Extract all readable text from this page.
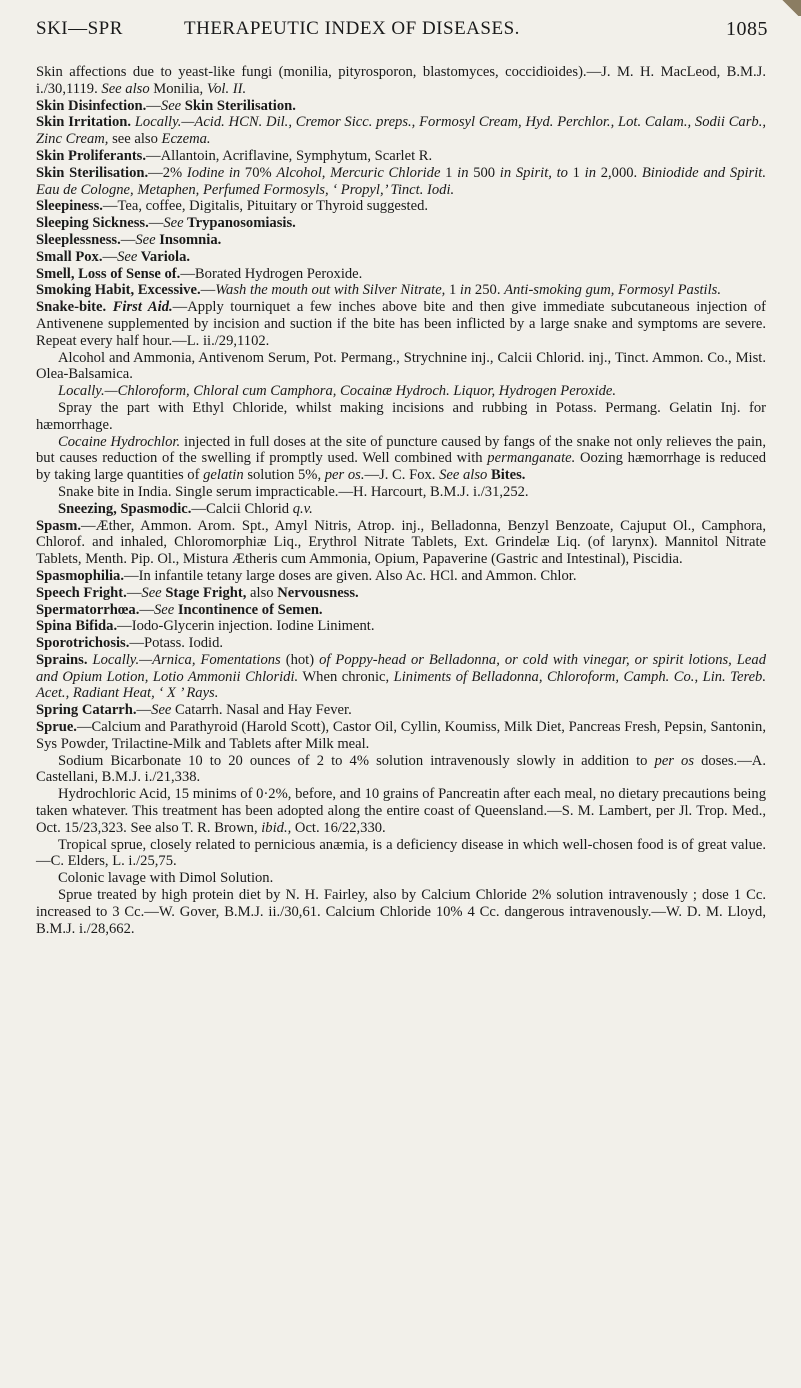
SKI—SPR	THERAPEUTIC INDEX OF DISEASES.	1085

Skin affections due to yeast-like fungi (monilia, pityrosporon, blastomyces, coccidioides).—J. M. H. MacLeod, B.M.J. i./30,1119. See also Monilia, Vol. II.

Skin Disinfection.—See Skin Sterilisation.

Skin Irritation. Locally.—Acid. HCN. Dil., Cremor Sicc. preps., Formosyl Cream, Hyd. Perchlor., Lot. Calam., Sodii Carb., Zinc Cream, see also Eczema.

Skin Proliferants.—Allantoin, Acriflavine, Symphytum, Scarlet R.

Skin Sterilisation.—2% Iodine in 70% Alcohol, Mercuric Chloride 1 in 500 in Spirit, to 1 in 2,000. Biniodide and Spirit. Eau de Cologne, Metaphen, Perfumed Formosyls, ‘ Propyl,’ Tinct. Iodi.

Sleepiness.—Tea, coffee, Digitalis, Pituitary or Thyroid suggested.

Sleeping Sickness.—See Trypanosomiasis.

Sleeplessness.—See Insomnia.

Small Pox.—See Variola.

Smell, Loss of Sense of.—Borated Hydrogen Peroxide.

Smoking Habit, Excessive.—Wash the mouth out with Silver Nitrate, 1 in 250. Anti-smoking gum, Formosyl Pastils.

Snake-bite. First Aid.—Apply tourniquet a few inches above bite and then give immediate subcutaneous injection of Antivenene supplemented by incision and suction if the bite has been inflicted by a large snake and symptoms are severe. Repeat every half hour.—L. ii./29,1102.

Alcohol and Ammonia, Antivenom Serum, Pot. Permang., Strychnine inj., Calcii Chlorid. inj., Tinct. Ammon. Co., Mist. Olea-Balsamica.

Locally.—Chloroform, Chloral cum Camphora, Cocainæ Hydroch. Liquor, Hydrogen Peroxide.

Spray the part with Ethyl Chloride, whilst making incisions and rubbing in Potass. Permang. Gelatin Inj. for hæmorrhage.

Cocaine Hydrochlor. injected in full doses at the site of puncture caused by fangs of the snake not only relieves the pain, but causes reduction of the swelling if promptly used. Well combined with permanganate. Oozing hæmorrhage is reduced by taking large quantities of gelatin solution 5%, per os.—J. C. Fox. See also Bites.

Snake bite in India. Single serum impracticable.—H. Harcourt, B.M.J. i./31,252.

Sneezing, Spasmodic.—Calcii Chlorid q.v.

Spasm.—Æther, Ammon. Arom. Spt., Amyl Nitris, Atrop. inj., Belladonna, Benzyl Benzoate, Cajuput Ol., Camphora, Chlorof. and inhaled, Chloromorphiæ Liq., Erythrol Nitrate Tablets, Ext. Grindelæ Liq. (of larynx). Mannitol Nitrate Tablets, Menth. Pip. Ol., Mistura Ætheris cum Ammonia, Opium, Papaverine (Gastric and Intestinal), Piscidia.

Spasmophilia.—In infantile tetany large doses are given. Also Ac. HCl. and Ammon. Chlor.

Speech Fright.—See Stage Fright, also Nervousness.

Spermatorrhœa.—See Incontinence of Semen.

Spina Bifida.—Iodo-Glycerin injection. Iodine Liniment.

Sporotrichosis.—Potass. Iodid.

Sprains. Locally.—Arnica, Fomentations (hot) of Poppy-head or Belladonna, or cold with vinegar, or spirit lotions, Lead and Opium Lotion, Lotio Ammonii Chloridi. When chronic, Liniments of Belladonna, Chloroform, Camph. Co., Lin. Tereb. Acet., Radiant Heat, ‘ X ’ Rays.

Spring Catarrh.—See Catarrh. Nasal and Hay Fever.

Sprue.—Calcium and Parathyroid (Harold Scott), Castor Oil, Cyllin, Koumiss, Milk Diet, Pancreas Fresh, Pepsin, Santonin, Sys Powder, Trilactine-Milk and Tablets after Milk meal.

Sodium Bicarbonate 10 to 20 ounces of 2 to 4% solution intravenously slowly in addition to per os doses.—A. Castellani, B.M.J. i./21,338.

Hydrochloric Acid, 15 minims of 0·2%, before, and 10 grains of Pancreatin after each meal, no dietary precautions being taken whatever. This treatment has been adopted along the entire coast of Queensland.—S. M. Lambert, per Jl. Trop. Med., Oct. 15/23,323. See also T. R. Brown, ibid., Oct. 16/22,330.

Tropical sprue, closely related to pernicious anæmia, is a deficiency disease in which well-chosen food is of great value.—C. Elders, L. i./25,75.

Colonic lavage with Dimol Solution.

Sprue treated by high protein diet by N. H. Fairley, also by Calcium Chloride 2% solution intravenously ; dose 1 Cc. increased to 3 Cc.—W. Gover, B.M.J. ii./30,61. Calcium Chloride 10% 4 Cc. dangerous intravenously.—W. D. M. Lloyd, B.M.J. i./28,662.
